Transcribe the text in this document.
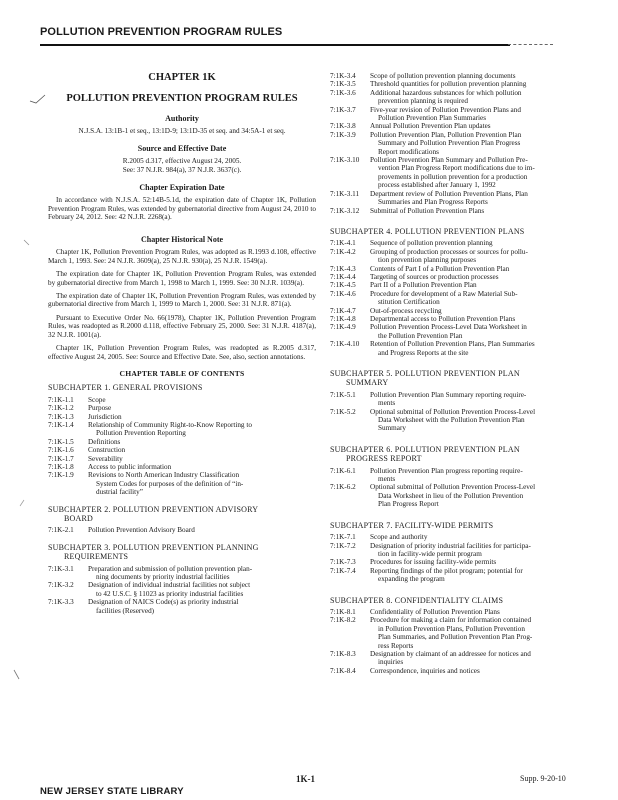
POLLUTION PREVENTION PROGRAM RULES
CHAPTER 1K
POLLUTION PREVENTION PROGRAM RULES
Authority
N.J.S.A. 13:1B-1 et seq., 13:1D-9; 13:1D-35 et seq. and 34:5A-1 et seq.
Source and Effective Date
R.2005 d.317, effective August 24, 2005.
See: 37 N.J.R. 984(a), 37 N.J.R. 3637(c).
Chapter Expiration Date

In accordance with N.J.S.A. 52:14B-5.1d, the expiration date of Chapter 1K, Pollution Prevention Program Rules, was extended by gubernatorial directive from August 24, 2010 to February 24, 2012. See: 42 N.J.R. 2268(a).

Chapter Historical Note

Chapter 1K, Pollution Prevention Program Rules, was adopted as R.1993 d.108, effective March 1, 1993. See: 24 N.J.R. 3609(a), 25 N.J.R. 930(a), 25 N.J.R. 1549(a).

The expiration date for Chapter 1K, Pollution Prevention Program Rules, was extended by gubernatorial directive from March 1, 1998 to March 1, 1999. See: 30 N.J.R. 1039(a).

The expiration date of Chapter 1K, Pollution Prevention Program Rules, was extended by gubernatorial directive from March 1, 1999 to March 1, 2000. See: 31 N.J.R. 871(a).

Pursuant to Executive Order No. 66(1978), Chapter 1K, Pollution Prevention Program Rules, was readopted as R.2000 d.118, effective February 25, 2000. See: 31 N.J.R. 4187(a), 32 N.J.R. 1001(a).

Chapter 1K, Pollution Prevention Program Rules, was readopted as R.2005 d.317, effective August 24, 2005. See: Source and Effective Date. See, also, section annotations.

CHAPTER TABLE OF CONTENTS
SUBCHAPTER 1. GENERAL PROVISIONS
7:1K-1.1	Scope
7:1K-1.2	Purpose
7:1K-1.3	Jurisdiction
7:1K-1.4	Relationship of Community Right-to-Know Reporting to
Pollution Prevention Reporting
7:1K-1.5	Definitions
7:1K-1.6	Construction
7:1K-1.7	Severability
7:1K-1.8	Access to public information
7:1K-1.9	Revisions to North American Industry Classification
System Codes for purposes of the definition of “in-
dustrial facility”
SUBCHAPTER 2. POLLUTION PREVENTION ADVISORY
BOARD
7:1K-2.1	Pollution Prevention Advisory Board
SUBCHAPTER 3. POLLUTION PREVENTION PLANNING
REQUIREMENTS
7:1K-3.1	Preparation and submission of pollution prevention plan-
ning documents by priority industrial facilities
7:1K-3.2	Designation of individual industrial facilities not subject
to 42 U.S.C. § 11023 as priority industrial facilities
7:1K-3.3	Designation of NAICS Code(s) as priority industrial
facilities (Reserved)
7:1K-3.4	Scope of pollution prevention planning documents
7:1K-3.5	Threshold quantities for pollution prevention planning
7:1K-3.6	Additional hazardous substances for which pollution
prevention planning is required
7:1K-3.7	Five-year revision of Pollution Prevention Plans and
Pollution Prevention Plan Summaries
7:1K-3.8	Annual Pollution Prevention Plan updates
7:1K-3.9	Pollution Prevention Plan, Pollution Prevention Plan
Summary and Pollution Prevention Plan Progress
Report modifications
7:1K-3.10	Pollution Prevention Plan Summary and Pollution Pre-
vention Plan Progress Report modifications due to im-
provements in pollution prevention for a production
process established after January 1, 1992
7:1K-3.11	Department review of Pollution Prevention Plans, Plan
Summaries and Plan Progress Reports
7:1K-3.12	Submittal of Pollution Prevention Plans
SUBCHAPTER 4. POLLUTION PREVENTION PLANS
7:1K-4.1	Sequence of pollution prevention planning
7:1K-4.2	Grouping of production processes or sources for pollu-
tion prevention planning purposes
7:1K-4.3	Contents of Part I of a Pollution Prevention Plan
7:1K-4.4	Targeting of sources or production processes
7:1K-4.5	Part II of a Pollution Prevention Plan
7:1K-4.6	Procedure for development of a Raw Material Sub-
stitution Certification
7:1K-4.7	Out-of-process recycling
7:1K-4.8	Departmental access to Pollution Prevention Plans
7:1K-4.9	Pollution Prevention Process-Level Data Worksheet in
the Pollution Prevention Plan
7:1K-4.10	Retention of Pollution Prevention Plans, Plan Summaries
and Progress Reports at the site
SUBCHAPTER 5. POLLUTION PREVENTION PLAN
SUMMARY
7:1K-5.1	Pollution Prevention Plan Summary reporting require-
ments
7:1K-5.2	Optional submittal of Pollution Prevention Process-Level
Data Worksheet with the Pollution Prevention Plan
Summary
SUBCHAPTER 6. POLLUTION PREVENTION PLAN
PROGRESS REPORT
7:1K-6.1	Pollution Prevention Plan progress reporting require-
ments
7:1K-6.2	Optional submittal of Pollution Prevention Process-Level
Data Worksheet in lieu of the Pollution Prevention
Plan Progress Report
SUBCHAPTER 7. FACILITY-WIDE PERMITS
7:1K-7.1	Scope and authority
7:1K-7.2	Designation of priority industrial facilities for participa-
tion in facility-wide permit program
7:1K-7.3	Procedures for issuing facility-wide permits
7:1K-7.4	Reporting findings of the pilot program; potential for
expanding the program
SUBCHAPTER 8. CONFIDENTIALITY CLAIMS
7:1K-8.1	Confidentiality of Pollution Prevention Plans
7:1K-8.2	Procedure for making a claim for information contained
in Pollution Prevention Plans, Pollution Prevention
Plan Summaries, and Pollution Prevention Plan Prog-
ress Reports
7:1K-8.3	Designation by claimant of an addressee for notices and
inquiries
7:1K-8.4	Correspondence, inquiries and notices
1K-1	Supp. 9-20-10
NEW JERSEY STATE LIBRARY
